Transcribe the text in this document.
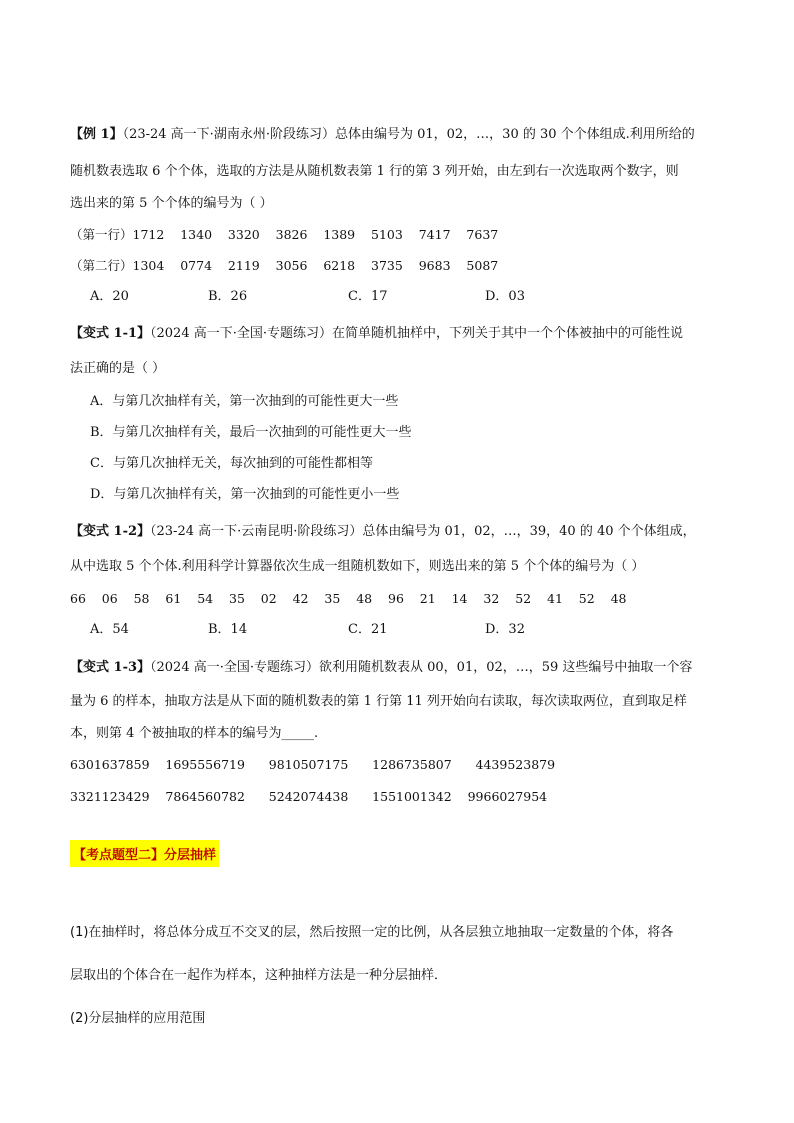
【例 1】（23-24 高一下·湖南永州·阶段练习）总体由编号为 01，02，…，30 的 30 个个体组成.利用所给的
随机数表选取 6 个个体，选取的方法是从随机数表第 1 行的第 3 列开始，由左到右一次选取两个数字，则
选出来的第 5 个个体的编号为（ ）
（第一行）1712    1340    3320    3826    1389    5103    7417    7637
（第二行）1304    0774    2119    3056    6218    3735    9683    5087
A．20	B．26	C．17	D．03
【变式 1-1】（2024 高一下·全国·专题练习）在简单随机抽样中，下列关于其中一个个体被抽中的可能性说
法正确的是（ ）
A．与第几次抽样有关，第一次抽到的可能性更大一些
B．与第几次抽样有关，最后一次抽到的可能性更大一些
C．与第几次抽样无关，每次抽到的可能性都相等
D．与第几次抽样有关，第一次抽到的可能性更小一些
【变式 1-2】（23-24 高一下·云南昆明·阶段练习）总体由编号为 01，02，…，39，40 的 40 个个体组成，
从中选取 5 个个体.利用科学计算器依次生成一组随机数如下，则选出来的第 5 个个体的编号为（ ）
66    06    58    61    54    35    02    42    35    48    96    21    14    32    52    41    52    48
A．54	B．14	C．21	D．32
【变式 1-3】（2024 高一·全国·专题练习）欲利用随机数表从 00，01，02，…，59 这些编号中抽取一个容
量为 6 的样本，抽取方法是从下面的随机数表的第 1 行第 11 列开始向右读取，每次读取两位，直到取足样
本，则第 4 个被抽取的样本的编号为_____.
6301637859    1695556719      9810507175      1286735807      4439523879
3321123429    7864560782      5242074438      1551001342    9966027954
【考点题型二】分层抽样
(1)在抽样时，将总体分成互不交叉的层，然后按照一定的比例，从各层独立地抽取一定数量的个体，将各
层取出的个体合在一起作为样本，这种抽样方法是一种分层抽样．
(2)分层抽样的应用范围
